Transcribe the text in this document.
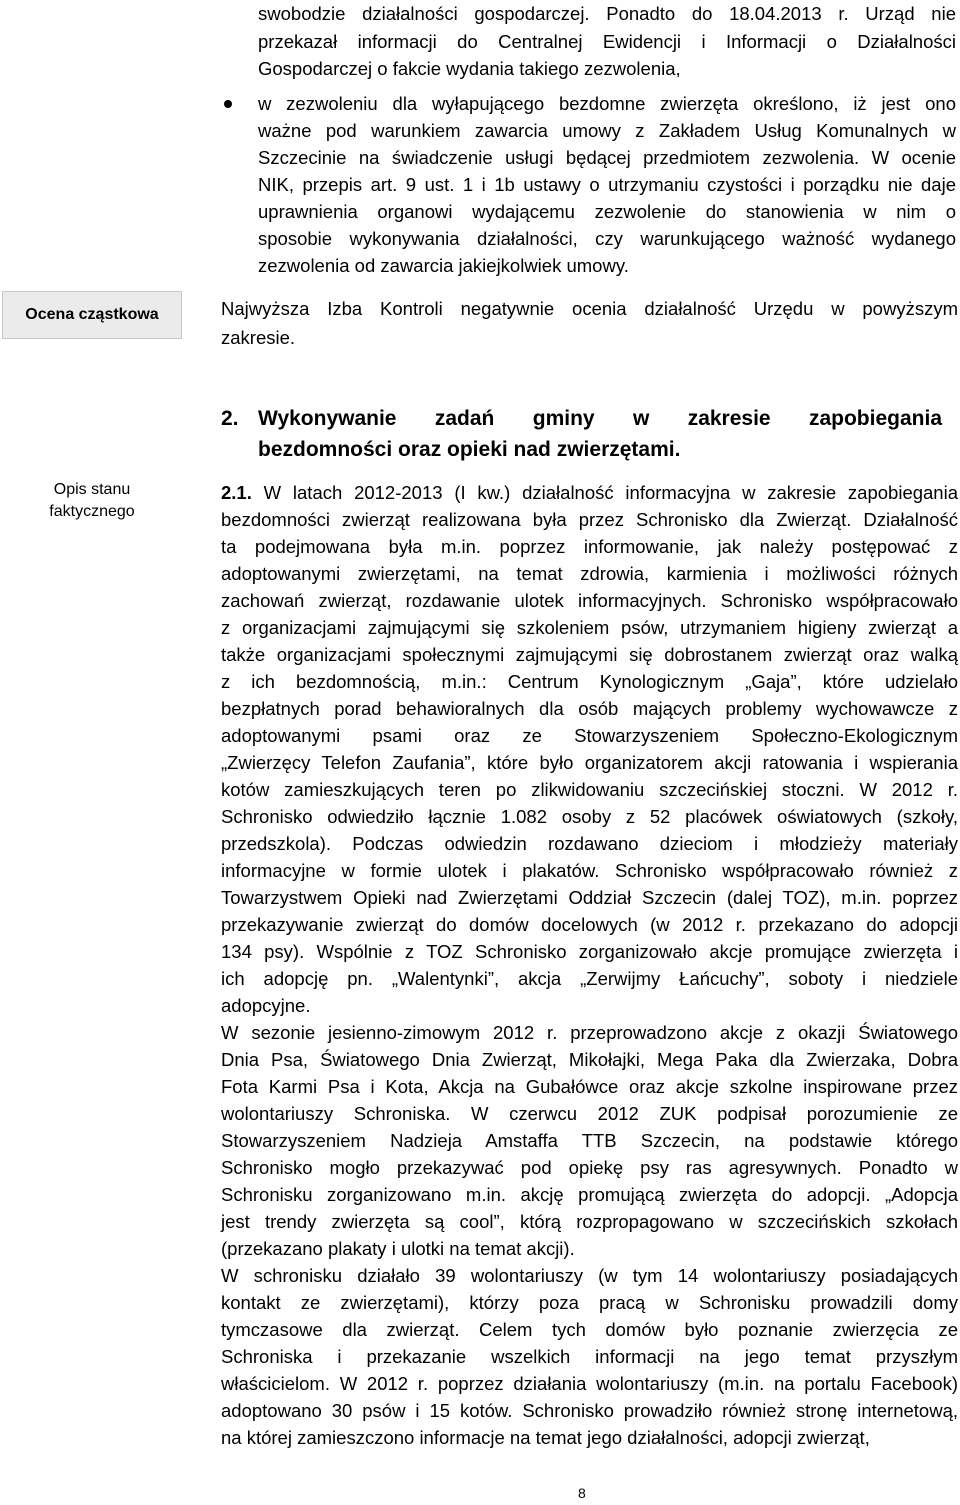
swobodzie działalności gospodarczej. Ponadto do 18.04.2013 r. Urząd nie
przekazał informacji do Centralnej Ewidencji i Informacji o Działalności
Gospodarczej o fakcie wydania takiego zezwolenia,
w zezwoleniu dla wyłapującego bezdomne zwierzęta określono, iż jest ono
ważne pod warunkiem zawarcia umowy z Zakładem Usług Komunalnych w
Szczecinie na świadczenie usługi będącej przedmiotem zezwolenia. W ocenie
NIK, przepis art. 9 ust. 1 i 1b ustawy o utrzymaniu czystości i porządku nie daje
uprawnienia organowi wydającemu zezwolenie do stanowienia w nim o
sposobie wykonywania działalności, czy warunkującego ważność wydanego
zezwolenia od zawarcia jakiejkolwiek umowy.
Ocena cząstkowa	Najwyższa Izba Kontroli negatywnie ocenia działalność Urzędu w powyższym
zakresie.
2. Wykonywanie zadań gminy w zakresie zapobiegania
bezdomności oraz opieki nad zwierzętami.
Opis stanu
faktycznego
2.1. W latach 2012-2013 (I kw.) działalność informacyjna w zakresie zapobiegania
bezdomności zwierząt realizowana była przez Schronisko dla Zwierząt. Działalność
ta podejmowana była m.in. poprzez informowanie, jak należy postępować z
adoptowanymi zwierzętami, na temat zdrowia, karmienia i możliwości różnych
zachowań zwierząt, rozdawanie ulotek informacyjnych. Schronisko współpracowało
z organizacjami zajmującymi się szkoleniem psów, utrzymaniem higieny zwierząt a
także organizacjami społecznymi zajmującymi się dobrostanem zwierząt oraz walką
z ich bezdomnością, m.in.: Centrum Kynologicznym „Gaja”, które udzielało
bezpłatnych porad behawioralnych dla osób mających problemy wychowawcze z
adoptowanymi psami oraz ze Stowarzyszeniem Społeczno-Ekologicznym
„Zwierzęcy Telefon Zaufania”, które było organizatorem akcji ratowania i wspierania
kotów zamieszkujących teren po zlikwidowaniu szczecińskiej stoczni. W 2012 r.
Schronisko odwiedziło łącznie 1.082 osoby z 52 placówek oświatowych (szkoły,
przedszkola). Podczas odwiedzin rozdawano dzieciom i młodzieży materiały
informacyjne w formie ulotek i plakatów. Schronisko współpracowało również z
Towarzystwem Opieki nad Zwierzętami Oddział Szczecin (dalej TOZ), m.in. poprzez
przekazywanie zwierząt do domów docelowych (w 2012 r. przekazano do adopcji
134 psy). Wspólnie z TOZ Schronisko zorganizowało akcje promujące zwierzęta i
ich adopcję pn. „Walentynki”, akcja „Zerwijmy Łańcuchy”, soboty i niedziele
adopcyjne.
W sezonie jesienno-zimowym 2012 r. przeprowadzono akcje z okazji Światowego
Dnia Psa, Światowego Dnia Zwierząt, Mikołajki, Mega Paka dla Zwierzaka, Dobra
Fota Karmi Psa i Kota, Akcja na Gubałówce oraz akcje szkolne inspirowane przez
wolontariuszy Schroniska. W czerwcu 2012 ZUK podpisał porozumienie ze
Stowarzyszeniem Nadzieja Amstaffa TTB Szczecin, na podstawie którego
Schronisko mogło przekazywać pod opiekę psy ras agresywnych. Ponadto w
Schronisku zorganizowano m.in. akcję promującą zwierzęta do adopcji. „Adopcja
jest trendy zwierzęta są cool”, którą rozpropagowano w szczecińskich szkołach
(przekazano plakaty i ulotki na temat akcji).
W schronisku działało 39 wolontariuszy (w tym 14 wolontariuszy posiadających
kontakt ze zwierzętami), którzy poza pracą w Schronisku prowadzili domy
tymczasowe dla zwierząt. Celem tych domów było poznanie zwierzęcia ze
Schroniska i przekazanie wszelkich informacji na jego temat przyszłym
właścicielom. W 2012 r. poprzez działania wolontariuszy (m.in. na portalu Facebook)
adoptowano 30 psów i 15 kotów. Schronisko prowadziło również stronę internetową,
na której zamieszczono informacje na temat jego działalności, adopcji zwierząt,
8
